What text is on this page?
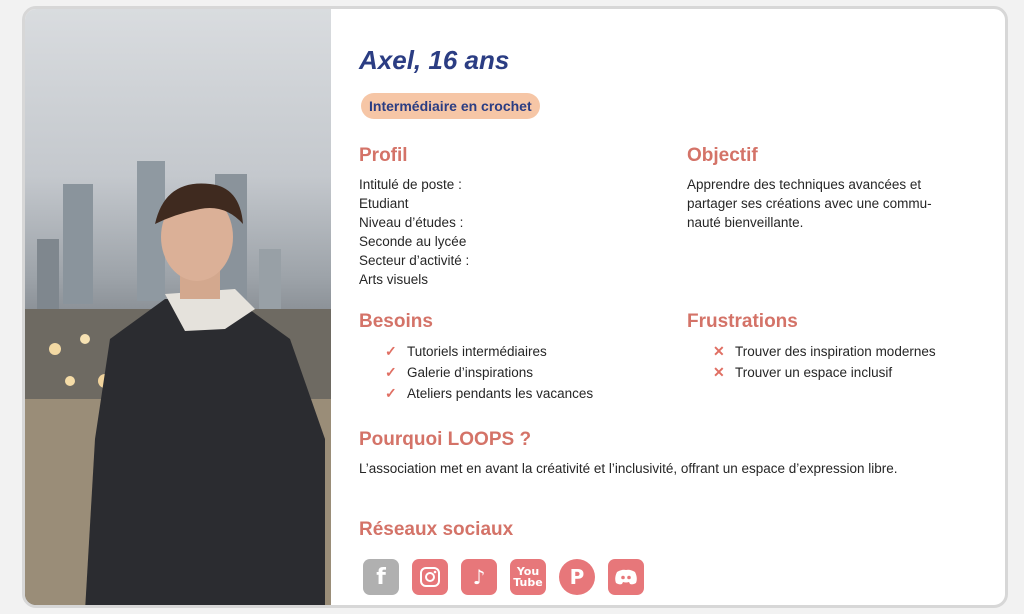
Axel, 16 ans
Intermédiaire en crochet
Profil
Intitulé de poste :
Etudiant
Niveau d’études :
Seconde au lycée
Secteur d’activité :
Arts visuels
Objectif
Apprendre des techniques avancées et
partager ses créations avec une commu-
nauté bienveillante.
Besoins
✓ Tutoriels intermédiaires
✓ Galerie d’inspirations
✓ Ateliers pendants les vacances
Frustrations
✕ Trouver des inspiration modernes
✕ Trouver un espace inclusif
Pourquoi LOOPS ?

L’association met en avant la créativité et l’inclusivité, offrant un espace d’expression libre.

Réseaux sociaux
f	♪	You
Tube	P
